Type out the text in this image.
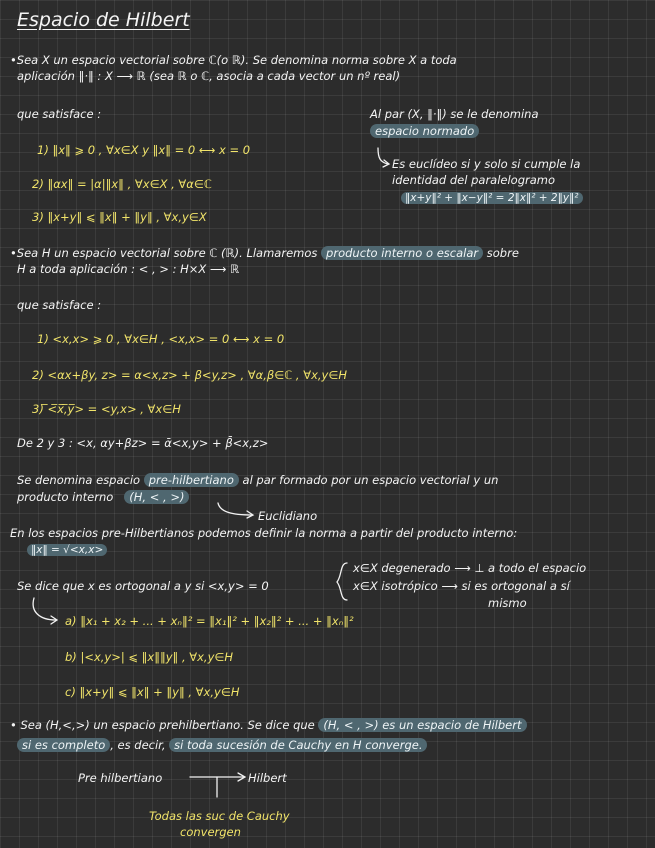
Espacio de Hilbert
•Sea X un espacio vectorial sobre ℂ(o ℝ). Se denomina norma sobre X a toda
aplicación ‖·‖ : X ⟶ ℝ (sea ℝ o ℂ, asocia a cada vector un nº real)
que satisface :
1) ‖x‖ ⩾ 0 , ∀x∈X y ‖x‖ = 0 ⟷ x = 0
2) ‖αx‖ = |α|‖x‖ , ∀x∈X , ∀α∈ℂ
3) ‖x+y‖ ⩽ ‖x‖ + ‖y‖ , ∀x,y∈X
Al par (X, ‖·‖) se le denomina
espacio normado
Es euclídeo si y solo si cumple la
identidad del paralelogramo
‖x+y‖² + ‖x−y‖² = 2‖x‖² + 2‖y‖²
•Sea H un espacio vectorial sobre ℂ (ℝ). Llamaremos producto interno o escalar sobre
H a toda aplicación : < , > : H×X ⟶ ℝ
que satisface :
1) <x,x> ⩾ 0 , ∀x∈H , <x,x> = 0 ⟷ x = 0
2) <αx+βy, z> = α<x,z> + β<y,z> , ∀α,β∈ℂ , ∀x,y∈H
3) ̅<̅x̅,̅y̅> = <y,x> , ∀x∈H
De 2 y 3 : <x, αy+βz> = ᾱ<x,y> + β̄<x,z>
Se denomina espacio pre-hilbertiano al par formado por un espacio vectorial y un
producto interno (H, < , >)
Euclidiano
En los espacios pre-Hilbertianos podemos definir la norma a partir del producto interno:
‖x‖ = √<x,x>
Se dice que x es ortogonal a y si <x,y> = 0
x∈X degenerado ⟶ ⊥ a todo el espacio
x∈X isotrópico ⟶ si es ortogonal a sí
mismo
a) ‖x₁ + x₂ + ... + xₙ‖² = ‖x₁‖² + ‖x₂‖² + ... + ‖xₙ‖²
b) |<x,y>| ⩽ ‖x‖‖y‖ , ∀x,y∈H
c) ‖x+y‖ ⩽ ‖x‖ + ‖y‖ , ∀x,y∈H
• Sea (H,<,>) un espacio prehilbertiano. Se dice que (H, < , >) es un espacio de Hilbert
si es completo , es decir, si toda sucesión de Cauchy en H converge.
Pre hilbertiano	Hilbert
Todas las suc de Cauchy
convergen
